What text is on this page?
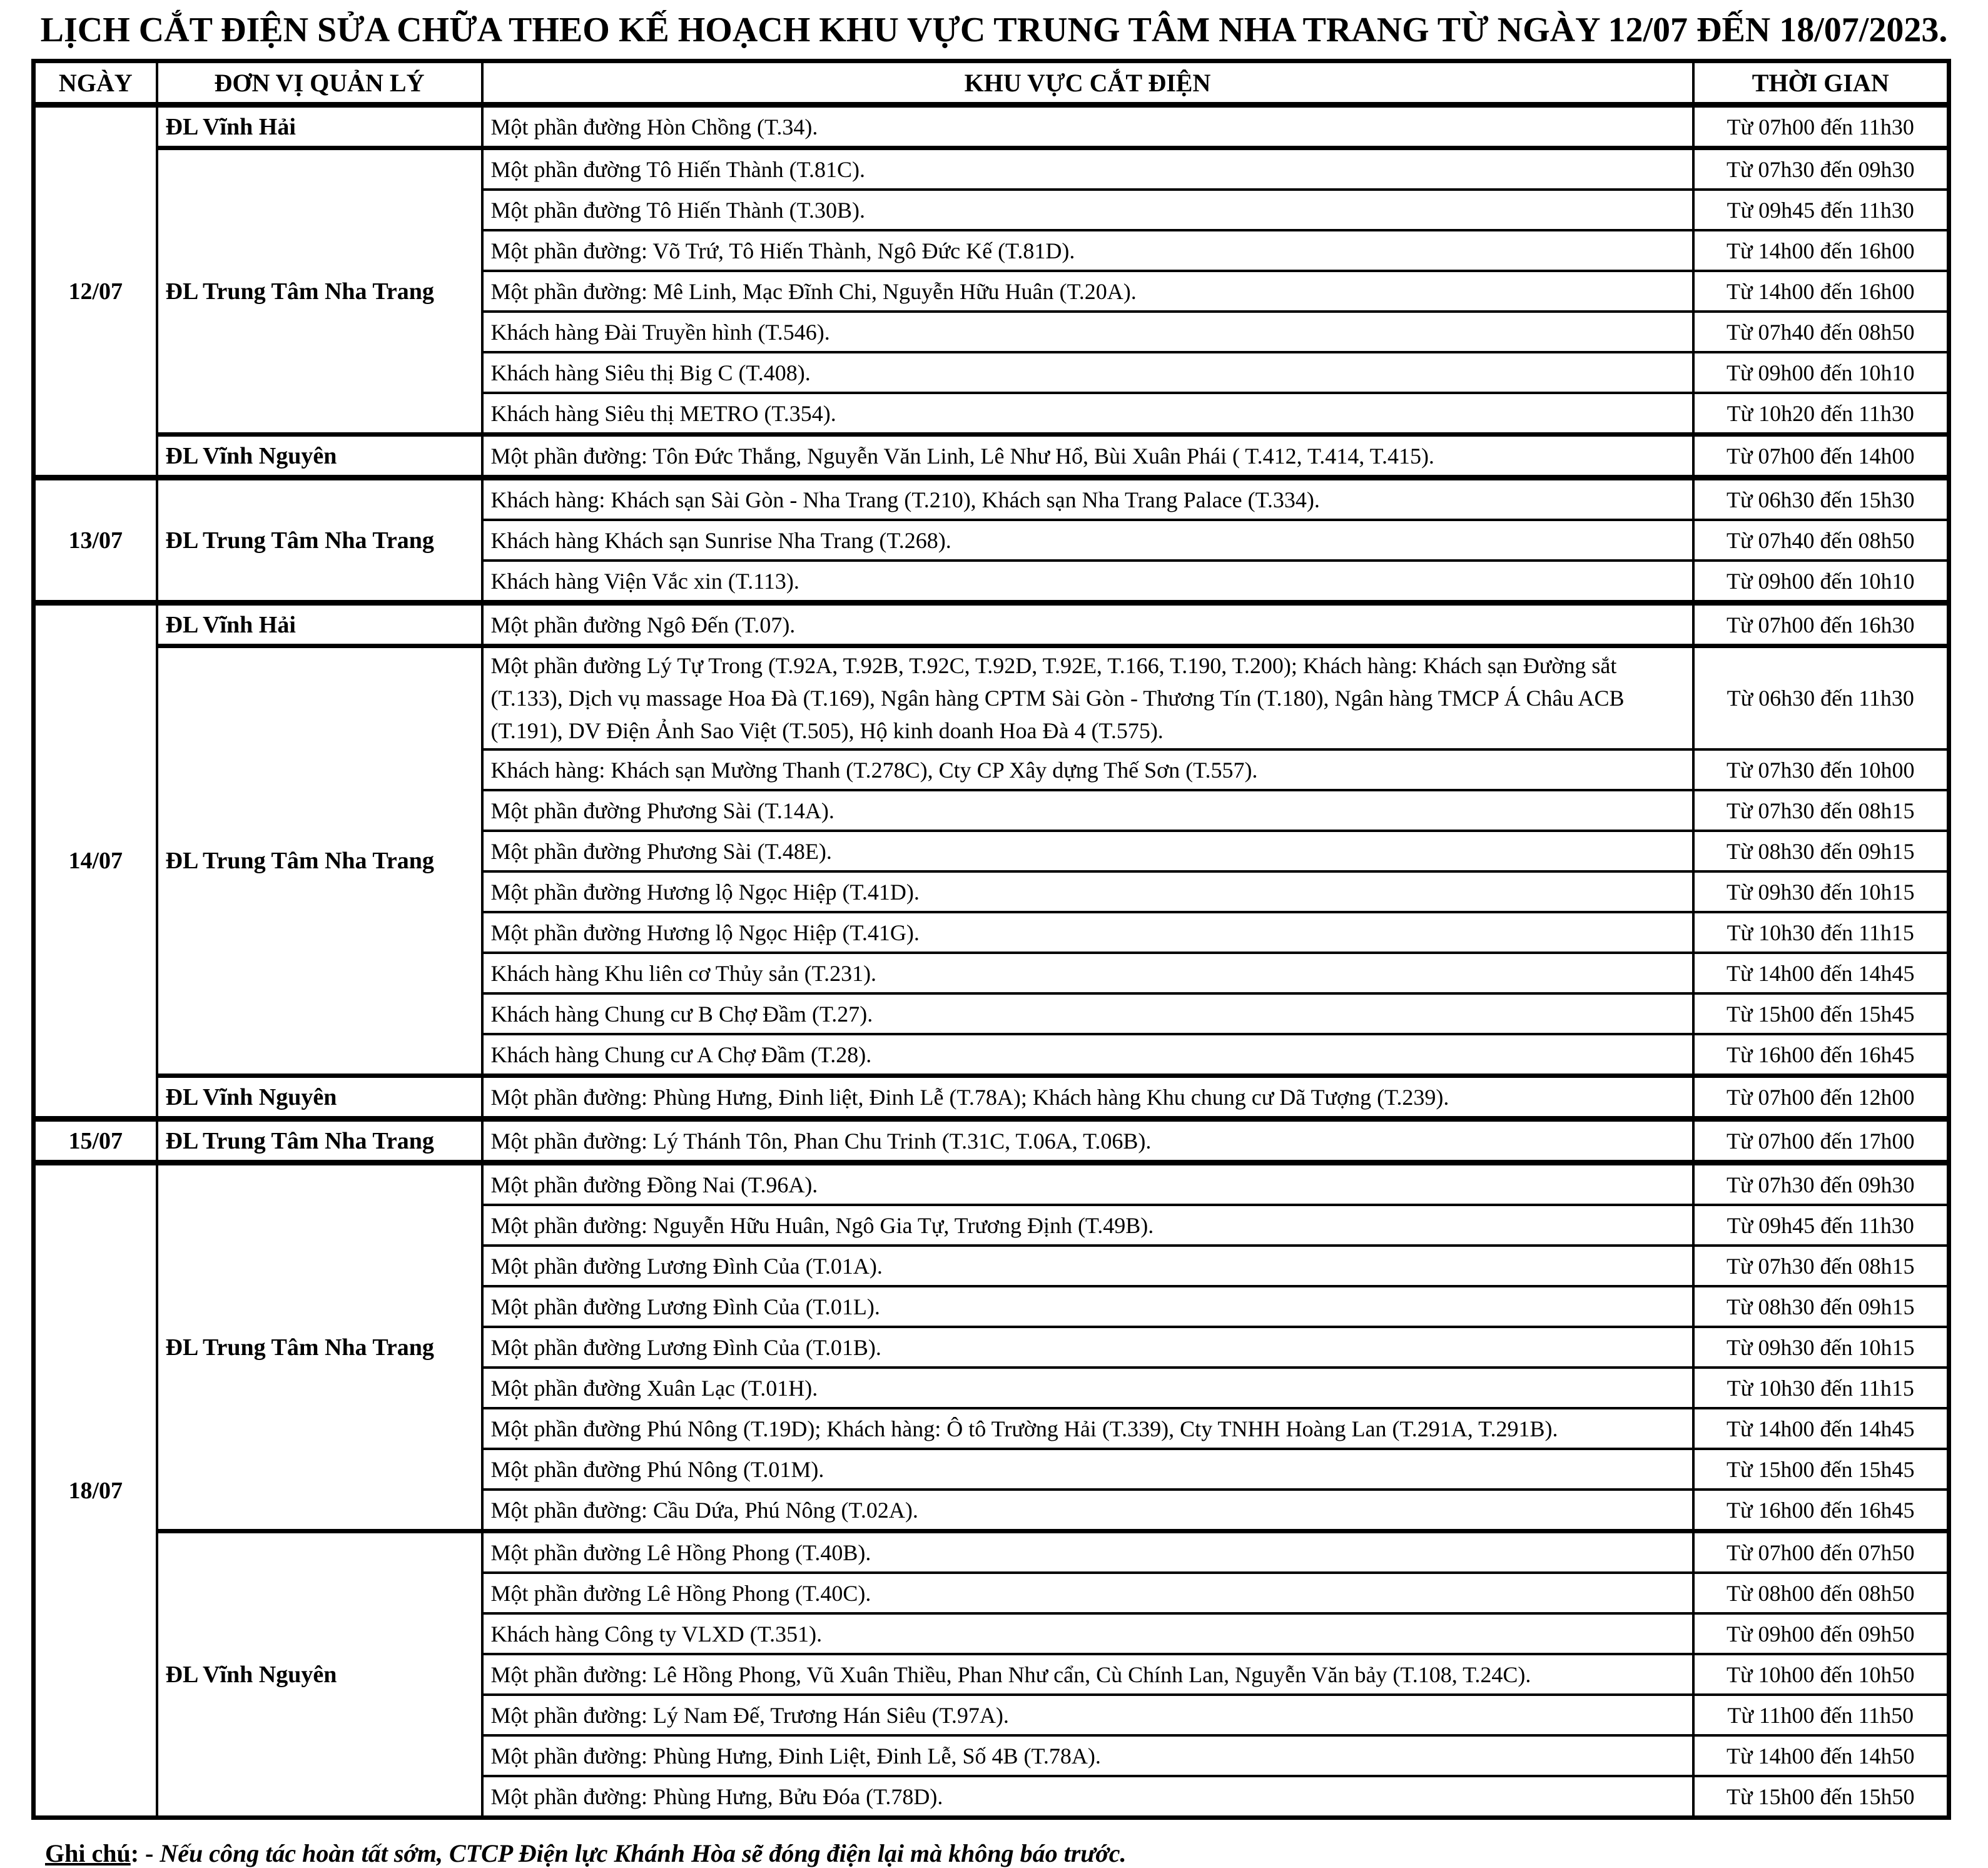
LỊCH CẮT ĐIỆN SỬA CHỮA THEO KẾ HOẠCH KHU VỰC TRUNG TÂM NHA TRANG TỪ NGÀY 12/07 ĐẾN 18/07/2023.
NGÀY	ĐƠN VỊ QUẢN LÝ	KHU VỰC CẮT ĐIỆN	THỜI GIAN
12/07	ĐL Vĩnh Hải	Một phần đường Hòn Chồng (T.34).	Từ 07h00 đến 11h30
	ĐL Trung Tâm Nha Trang	Một phần đường Tô Hiến Thành (T.81C).	Từ 07h30 đến 09h30
		Một phần đường Tô Hiến Thành (T.30B).	Từ 09h45 đến 11h30
		Một phần đường: Võ Trứ, Tô Hiến Thành, Ngô Đức Kế (T.81D).	Từ 14h00 đến 16h00
		Một phần đường: Mê Linh, Mạc Đĩnh Chi, Nguyễn Hữu Huân (T.20A).	Từ 14h00 đến 16h00
		Khách hàng Đài Truyền hình (T.546).	Từ 07h40 đến 08h50
		Khách hàng Siêu thị Big C (T.408).	Từ 09h00 đến 10h10
		Khách hàng Siêu thị METRO (T.354).	Từ 10h20 đến 11h30
	ĐL Vĩnh Nguyên	Một phần đường: Tôn Đức Thắng, Nguyễn Văn Linh, Lê Như Hổ, Bùi Xuân Phái ( T.412, T.414, T.415).	Từ 07h00 đến 14h00
13/07	ĐL Trung Tâm Nha Trang	Khách hàng: Khách sạn Sài Gòn - Nha Trang (T.210), Khách sạn Nha Trang Palace (T.334).	Từ 06h30 đến 15h30
		Khách hàng Khách sạn Sunrise Nha Trang (T.268).	Từ 07h40 đến 08h50
		Khách hàng Viện Vắc xin (T.113).	Từ 09h00 đến 10h10
14/07	ĐL Vĩnh Hải	Một phần đường Ngô Đến (T.07).	Từ 07h00 đến 16h30
	ĐL Trung Tâm Nha Trang	Một phần đường Lý Tự Trong (T.92A, T.92B, T.92C, T.92D, T.92E, T.166, T.190, T.200); Khách hàng: Khách sạn Đường sắt (T.133), Dịch vụ massage Hoa Đà (T.169), Ngân hàng CPTM Sài Gòn - Thương Tín (T.180), Ngân hàng TMCP Á Châu ACB (T.191), DV Điện Ảnh Sao Việt (T.505), Hộ kinh doanh Hoa Đà 4 (T.575).	Từ 06h30 đến 11h30
		Khách hàng: Khách sạn Mường Thanh (T.278C), Cty CP Xây dựng Thế Sơn (T.557).	Từ 07h30 đến 10h00
		Một phần đường Phương Sài (T.14A).	Từ 07h30 đến 08h15
		Một phần đường Phương Sài (T.48E).	Từ 08h30 đến 09h15
		Một phần đường Hương lộ Ngọc Hiệp (T.41D).	Từ 09h30 đến 10h15
		Một phần đường Hương lộ Ngọc Hiệp (T.41G).	Từ 10h30 đến 11h15
		Khách hàng Khu liên cơ Thủy sản (T.231).	Từ 14h00 đến 14h45
		Khách hàng Chung cư B Chợ Đầm (T.27).	Từ 15h00 đến 15h45
		Khách hàng Chung cư A Chợ Đầm (T.28).	Từ 16h00 đến 16h45
	ĐL Vĩnh Nguyên	Một phần đường: Phùng Hưng, Đinh liệt, Đinh Lễ (T.78A); Khách hàng Khu chung cư Dã Tượng (T.239).	Từ 07h00 đến 12h00
15/07	ĐL Trung Tâm Nha Trang	Một phần đường: Lý Thánh Tôn, Phan Chu Trinh (T.31C, T.06A, T.06B).	Từ 07h00 đến 17h00
18/07	ĐL Trung Tâm Nha Trang	Một phần đường Đồng Nai (T.96A).	Từ 07h30 đến 09h30
		Một phần đường: Nguyễn Hữu Huân, Ngô Gia Tự, Trương Định (T.49B).	Từ 09h45 đến 11h30
		Một phần đường Lương Đình Của (T.01A).	Từ 07h30 đến 08h15
		Một phần đường Lương Đình Của (T.01L).	Từ 08h30 đến 09h15
		Một phần đường Lương Đình Của (T.01B).	Từ 09h30 đến 10h15
		Một phần đường Xuân Lạc (T.01H).	Từ 10h30 đến 11h15
		Một phần đường Phú Nông (T.19D); Khách hàng: Ô tô Trường Hải (T.339), Cty TNHH Hoàng Lan (T.291A, T.291B).	Từ 14h00 đến 14h45
		Một phần đường Phú Nông (T.01M).	Từ 15h00 đến 15h45
		Một phần đường: Cầu Dứa, Phú Nông (T.02A).	Từ 16h00 đến 16h45
	ĐL Vĩnh Nguyên	Một phần đường Lê Hồng Phong (T.40B).	Từ 07h00 đến 07h50
		Một phần đường Lê Hồng Phong (T.40C).	Từ 08h00 đến 08h50
		Khách hàng Công ty VLXD (T.351).	Từ 09h00 đến 09h50
		Một phần đường: Lê Hồng Phong, Vũ Xuân Thiều, Phan Như cẩn, Cù Chính Lan, Nguyễn Văn bảy (T.108, T.24C).	Từ 10h00 đến 10h50
		Một phần đường: Lý Nam Đế, Trương Hán Siêu (T.97A).	Từ 11h00 đến 11h50
		Một phần đường: Phùng Hưng, Đinh Liệt, Đinh Lễ, Số 4B (T.78A).	Từ 14h00 đến 14h50
		Một phần đường: Phùng Hưng, Bửu Đóa (T.78D).	Từ 15h00 đến 15h50

Ghi chú: - Nếu công tác hoàn tất sớm, CTCP Điện lực Khánh Hòa sẽ đóng điện lại mà không báo trước.
